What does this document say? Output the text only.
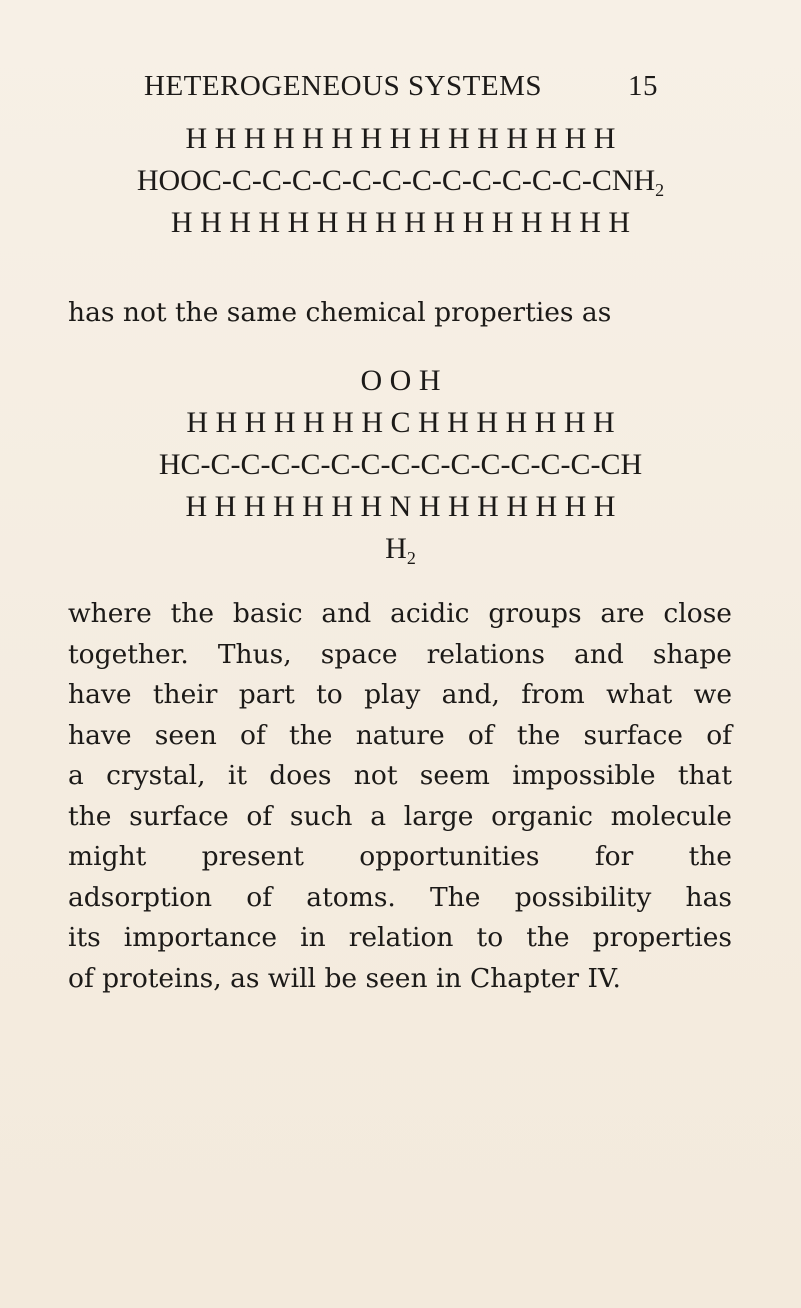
HETEROGENEOUS SYSTEMS	15
H H H H H H H H H H H H H H H
HOOC-$C-C-C-C-C-C-C-C-C-C-C-C-CNH_2$
H H H H H H H H H H H H H H H H
has not the same chemical properties as
O O H
H H H H H H H C H H H H H H H
HC-C-C-C-C-C-C-C-C-C-C-C-C-C-CH
H H H H H H H N H H H H H H H
$H_2$
where the basic and acidic groups are close
together. Thus, space relations and shape
have their part to play and, from what we
have seen of the nature of the surface of
a crystal, it does not seem impossible that
the surface of such a large organic molecule
might present opportunities for the
adsorption of atoms. The possibility has
its importance in relation to the properties
of proteins, as will be seen in Chapter IV.
